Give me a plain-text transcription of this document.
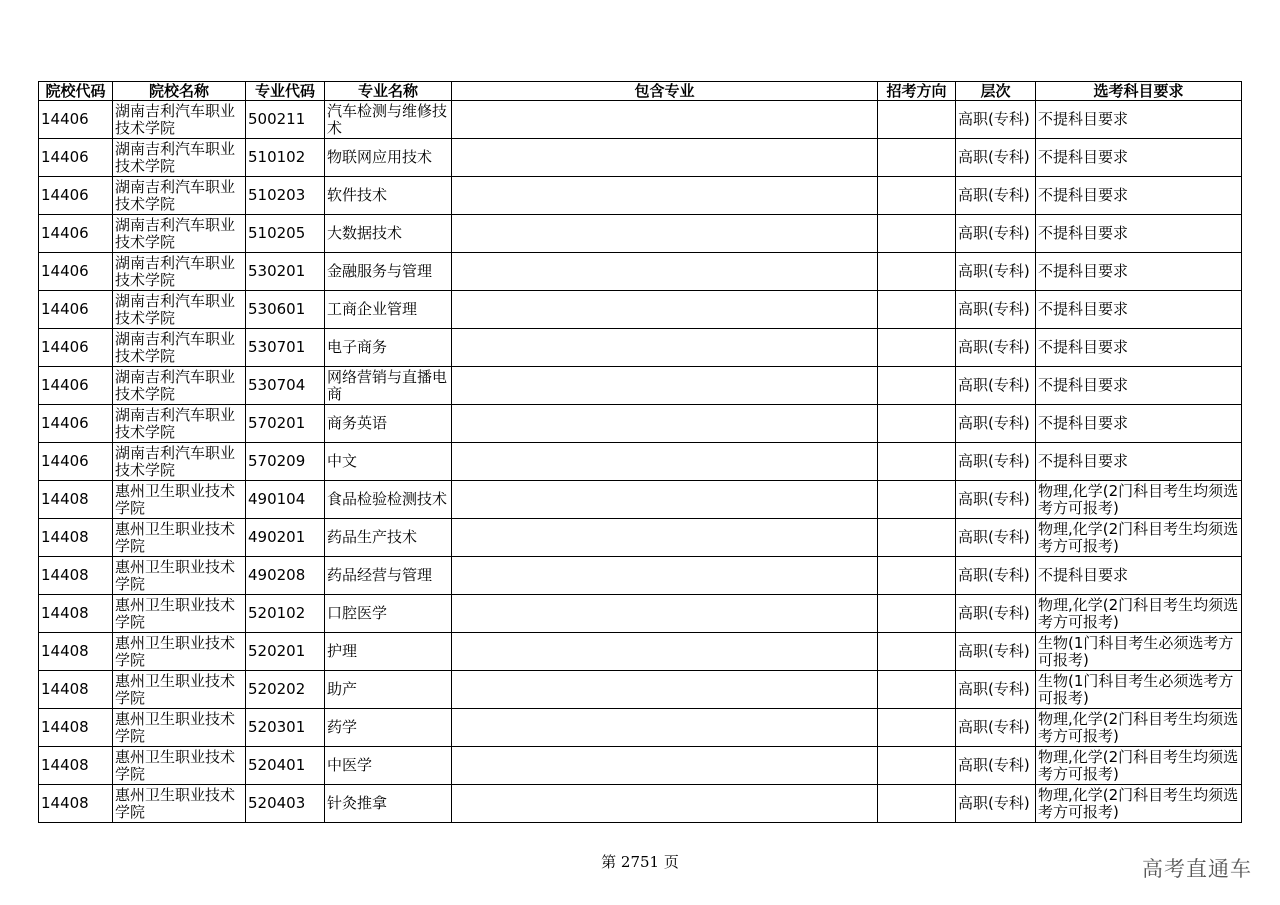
院校代码	院校名称	专业代码	专业名称	包含专业	招考方向	层次	选考科目要求
14406	湖南吉利汽车职业技术学院	500211	汽车检测与维修技术			高职(专科)	不提科目要求
14406	湖南吉利汽车职业技术学院	510102	物联网应用技术			高职(专科)	不提科目要求
14406	湖南吉利汽车职业技术学院	510203	软件技术			高职(专科)	不提科目要求
14406	湖南吉利汽车职业技术学院	510205	大数据技术			高职(专科)	不提科目要求
14406	湖南吉利汽车职业技术学院	530201	金融服务与管理			高职(专科)	不提科目要求
14406	湖南吉利汽车职业技术学院	530601	工商企业管理			高职(专科)	不提科目要求
14406	湖南吉利汽车职业技术学院	530701	电子商务			高职(专科)	不提科目要求
14406	湖南吉利汽车职业技术学院	530704	网络营销与直播电商			高职(专科)	不提科目要求
14406	湖南吉利汽车职业技术学院	570201	商务英语			高职(专科)	不提科目要求
14406	湖南吉利汽车职业技术学院	570209	中文			高职(专科)	不提科目要求
14408	惠州卫生职业技术学院	490104	食品检验检测技术			高职(专科)	物理,化学(2门科目考生均须选考方可报考)
14408	惠州卫生职业技术学院	490201	药品生产技术			高职(专科)	物理,化学(2门科目考生均须选考方可报考)
14408	惠州卫生职业技术学院	490208	药品经营与管理			高职(专科)	不提科目要求
14408	惠州卫生职业技术学院	520102	口腔医学			高职(专科)	物理,化学(2门科目考生均须选考方可报考)
14408	惠州卫生职业技术学院	520201	护理			高职(专科)	生物(1门科目考生必须选考方可报考)
14408	惠州卫生职业技术学院	520202	助产			高职(专科)	生物(1门科目考生必须选考方可报考)
14408	惠州卫生职业技术学院	520301	药学			高职(专科)	物理,化学(2门科目考生均须选考方可报考)
14408	惠州卫生职业技术学院	520401	中医学			高职(专科)	物理,化学(2门科目考生均须选考方可报考)
14408	惠州卫生职业技术学院	520403	针灸推拿			高职(专科)	物理,化学(2门科目考生均须选考方可报考)
第 2751 页	高考直通车
